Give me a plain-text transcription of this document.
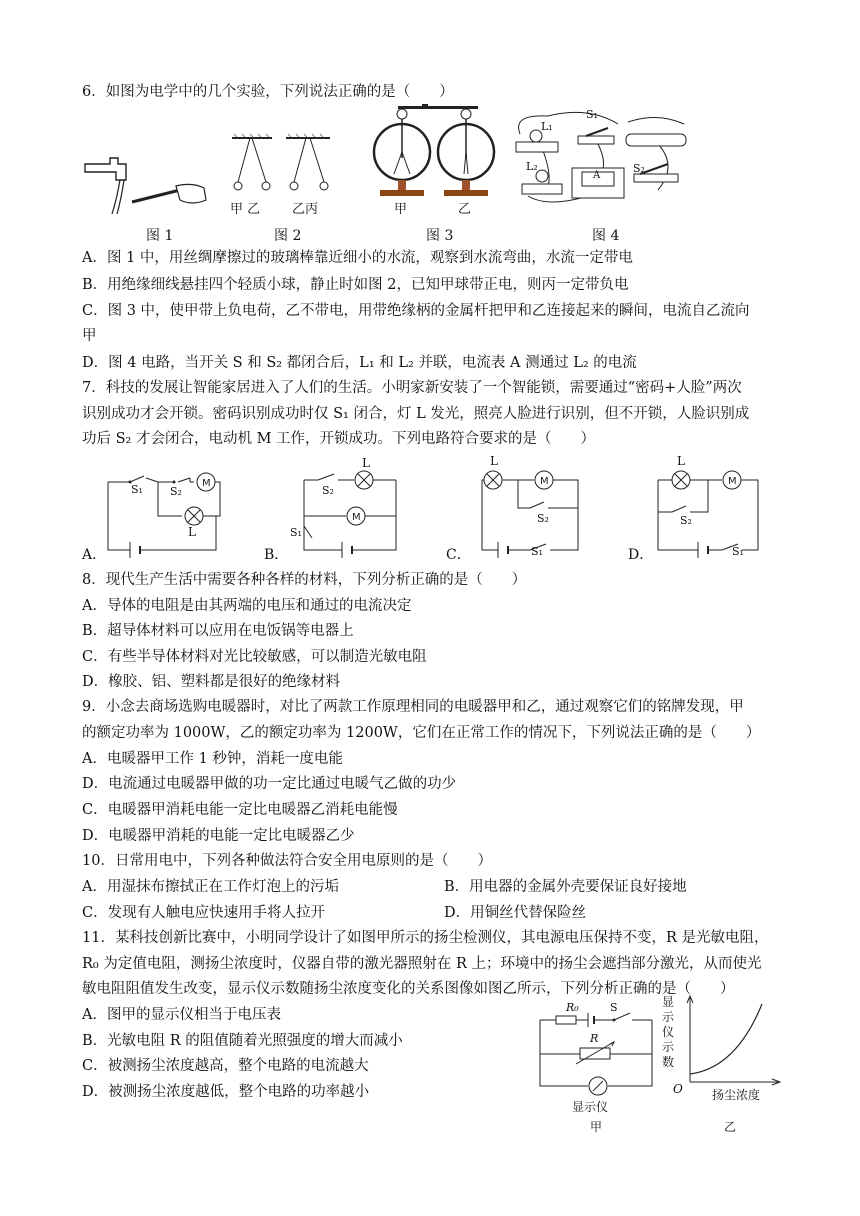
6．如图为电学中的几个实验，下列说法正确的是（　　）
甲 乙 乙丙	甲	乙
L₁
L₂
S₁
S₂
A
图 1	图 2	图 3	图 4
A．图 1 中，用丝绸摩擦过的玻璃棒靠近细小的水流，观察到水流弯曲，水流一定带电
B．用绝缘细线悬挂四个轻质小球，静止时如图 2，已知甲球带正电，则丙一定带负电
C．图 3 中，使甲带上负电荷，乙不带电，用带绝缘柄的金属杆把甲和乙连接起来的瞬间，电流自乙流向
甲
D．图 4 电路，当开关 S 和 S₂ 都闭合后，L₁ 和 L₂ 并联，电流表 A 测通过 L₂ 的电流
7．科技的发展让智能家居进入了人们的生活。小明家新安装了一个智能锁，需要通过“密码+人脸”两次
识别成功才会开锁。密码识别成功时仅 S₁ 闭合，灯 L 发光，照亮人脸进行识别，但不开锁，人脸识别成
功后 S₂ 才会闭合，电动机 M 工作，开锁成功。下列电路符合要求的是（　　）
M
S₁ S₂
L
A．
M
S₂
L
S₁
B．
M
L
S₂
S₁
C．
M
L
S₂
S₁
D．
8．现代生产生活中需要各种各样的材料，下列分析正确的是（　　）
A．导体的电阻是由其两端的电压和通过的电流决定
B．超导体材料可以应用在电饭锅等电器上
C．有些半导体材料对光比较敏感，可以制造光敏电阻
D．橡胶、铝、塑料都是很好的绝缘材料
9．小念去商场选购电暖器时，对比了两款工作原理相同的电暖器甲和乙，通过观察它们的铭牌发现，甲
的额定功率为 1000W，乙的额定功率为 1200W，它们在正常工作的情况下，下列说法正确的是（　　）
A．电暖器甲工作 1 秒钟，消耗一度电能
D．电流通过电暖器甲做的功一定比通过电暖气乙做的功少
C．电暖器甲消耗电能一定比电暖器乙消耗电能慢
D．电暖器甲消耗的电能一定比电暖器乙少
10．日常用电中，下列各种做法符合安全用电原则的是（　　）
A．用湿抹布擦拭正在工作灯泡上的污垢	B．用电器的金属外壳要保证良好接地
C．发现有人触电应快速用手将人拉开	D．用铜丝代替保险丝
11．某科技创新比赛中，小明同学设计了如图甲所示的扬尘检测仪，其电源电压保持不变，R 是光敏电阻，
R₀ 为定值电阻，测扬尘浓度时，仪器自带的激光器照射在 R 上；环境中的扬尘会遮挡部分激光，从而使光
敏电阻阻值发生改变，显示仪示数随扬尘浓度变化的关系图像如图乙所示，下列分析正确的是（　　）
A．图甲的显示仪相当于电压表
B．光敏电阻 R 的阻值随着光照强度的增大而减小
C．被测扬尘浓度越高，整个电路的电流越大
D．被测扬尘浓度越低，整个电路的功率越小
R₀	S
R
显示仪
甲
显示仪示数
O 扬尘浓度
乙
